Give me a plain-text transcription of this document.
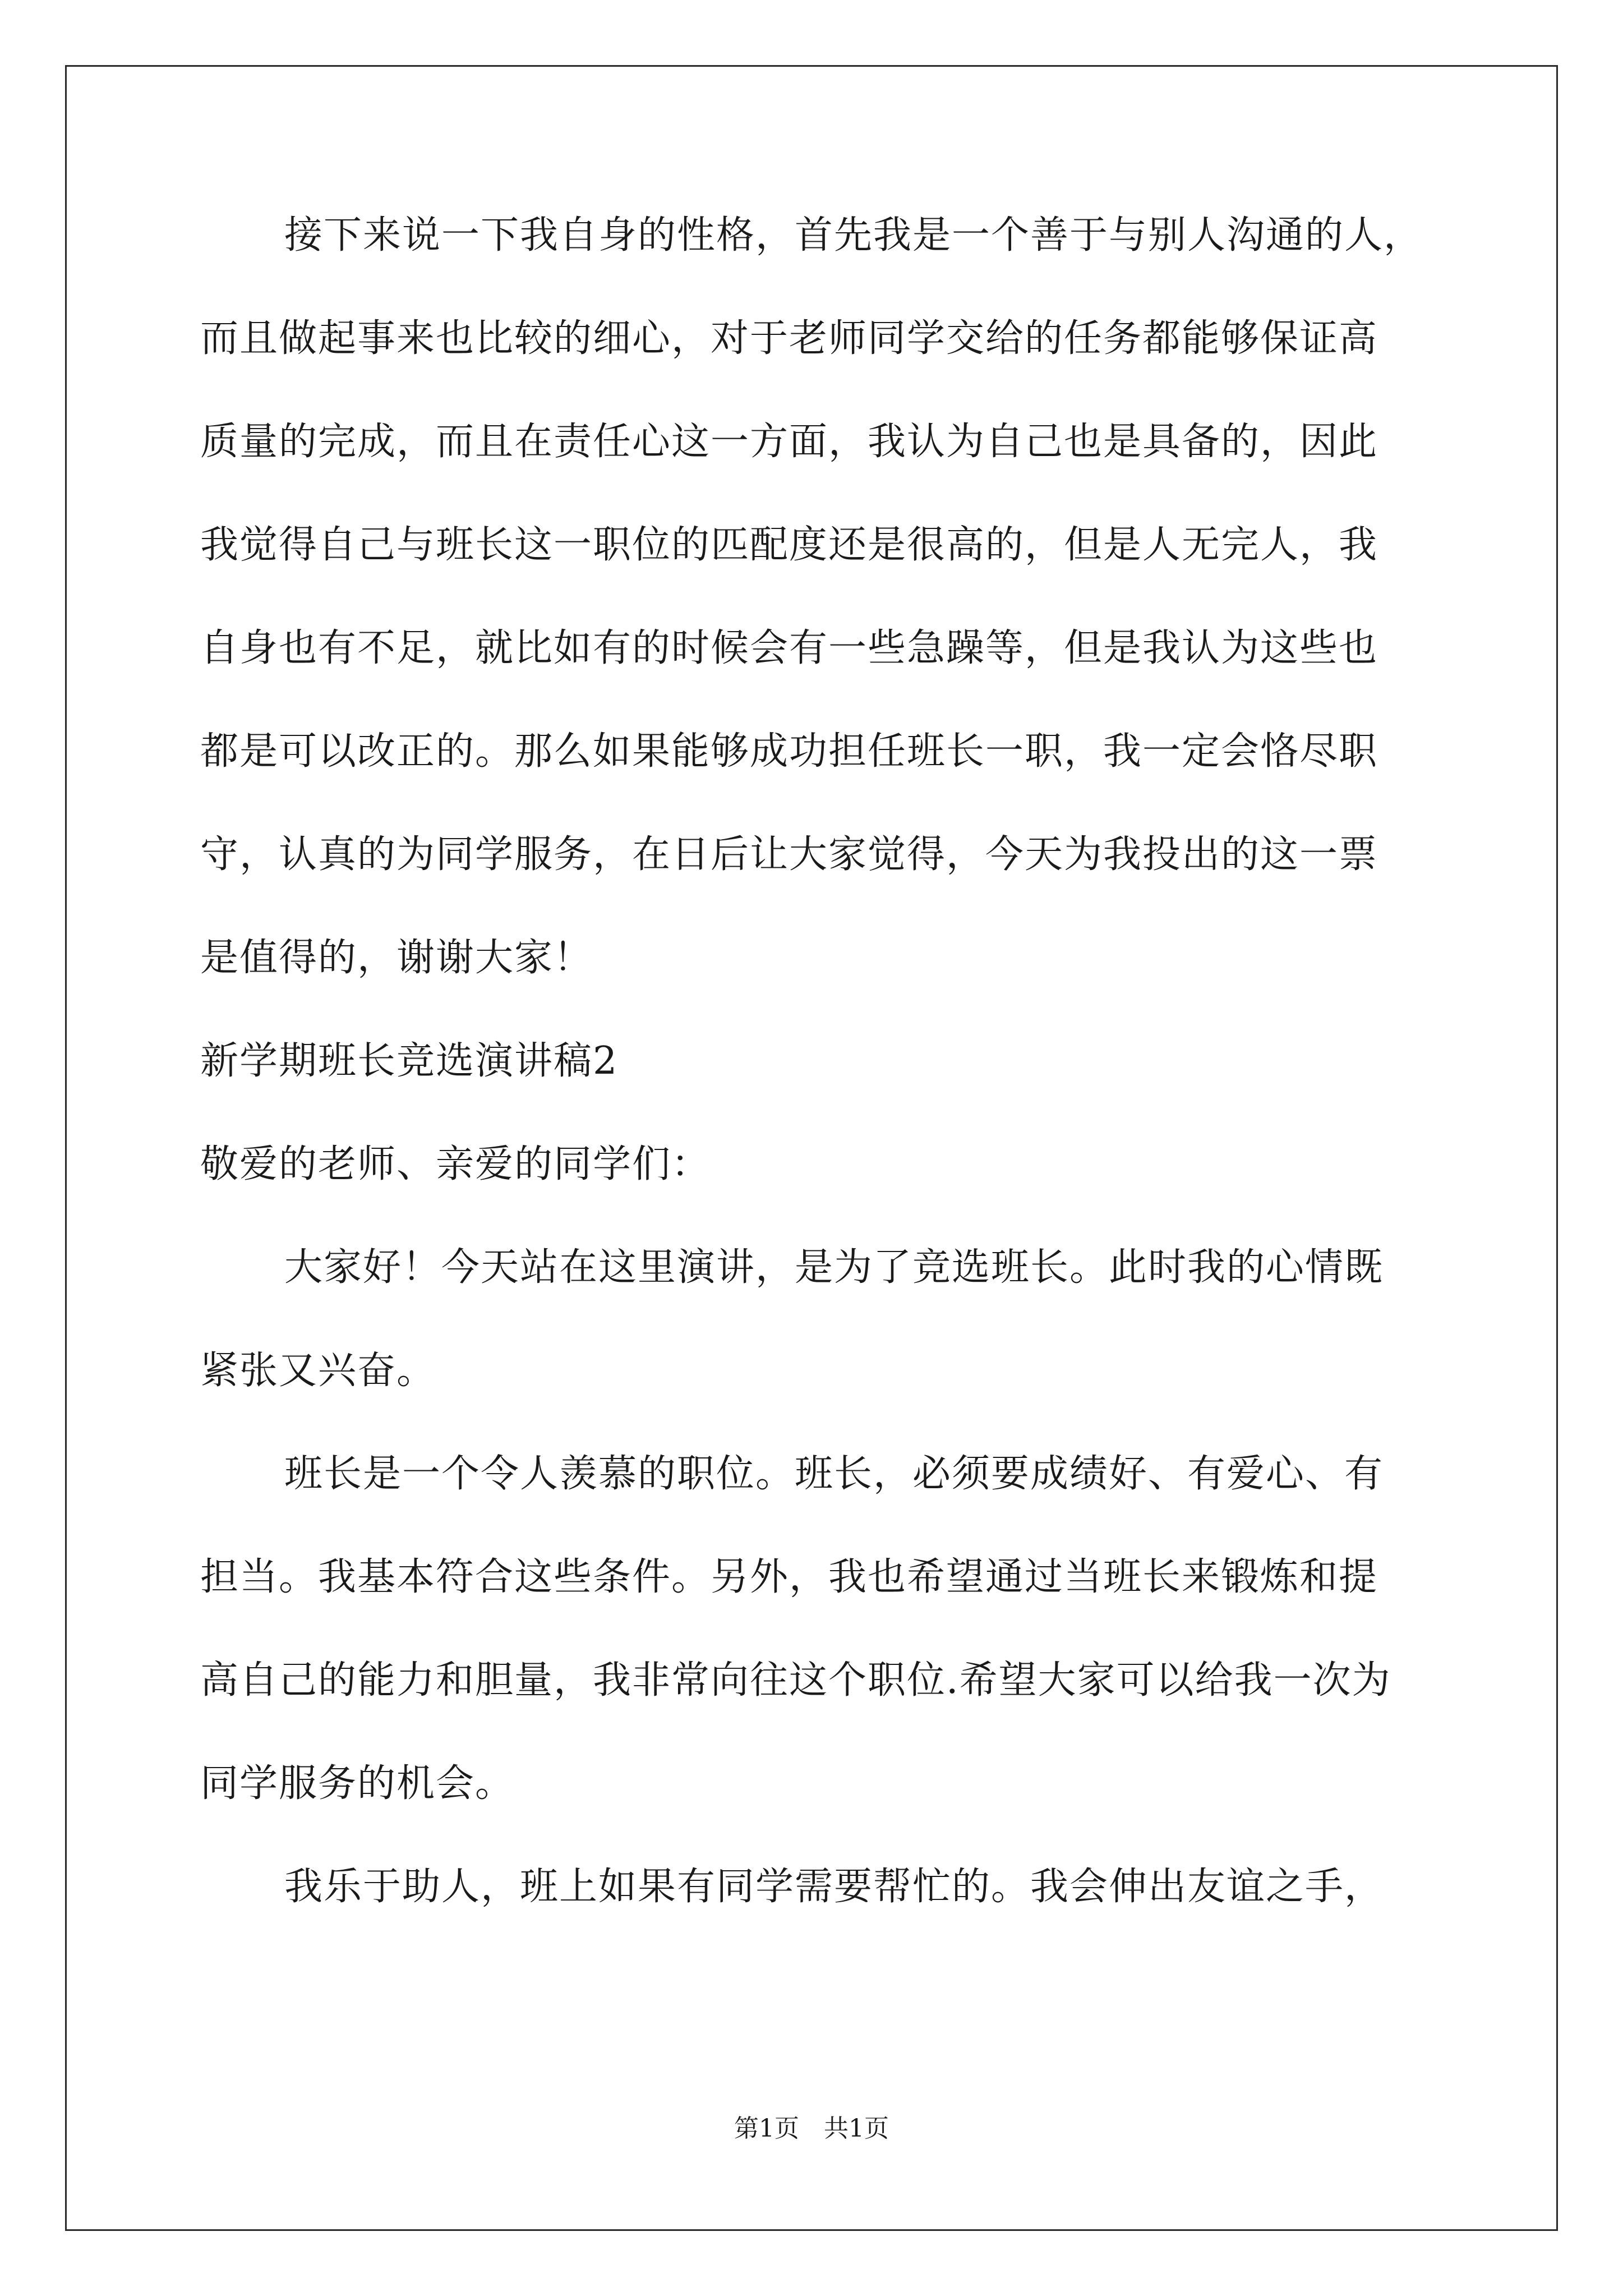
接下来说一下我自身的性格，首先我是一个善于与别人沟通的人，
而且做起事来也比较的细心，对于老师同学交给的任务都能够保证高
质量的完成，而且在责任心这一方面，我认为自己也是具备的，因此
我觉得自己与班长这一职位的匹配度还是很高的，但是人无完人，我
自身也有不足，就比如有的时候会有一些急躁等，但是我认为这些也
都是可以改正的。那么如果能够成功担任班长一职，我一定会恪尽职
守，认真的为同学服务，在日后让大家觉得，今天为我投出的这一票
是值得的，谢谢大家！
新学期班长竞选演讲稿2
敬爱的老师、亲爱的同学们：
大家好！今天站在这里演讲，是为了竞选班长。此时我的心情既
紧张又兴奋。
班长是一个令人羡慕的职位。班长，必须要成绩好、有爱心、有
担当。我基本符合这些条件。另外，我也希望通过当班长来锻炼和提
高自己的能力和胆量，我非常向往这个职位.希望大家可以给我一次为
同学服务的机会。
我乐于助人，班上如果有同学需要帮忙的。我会伸出友谊之手，
第1页　共1页
